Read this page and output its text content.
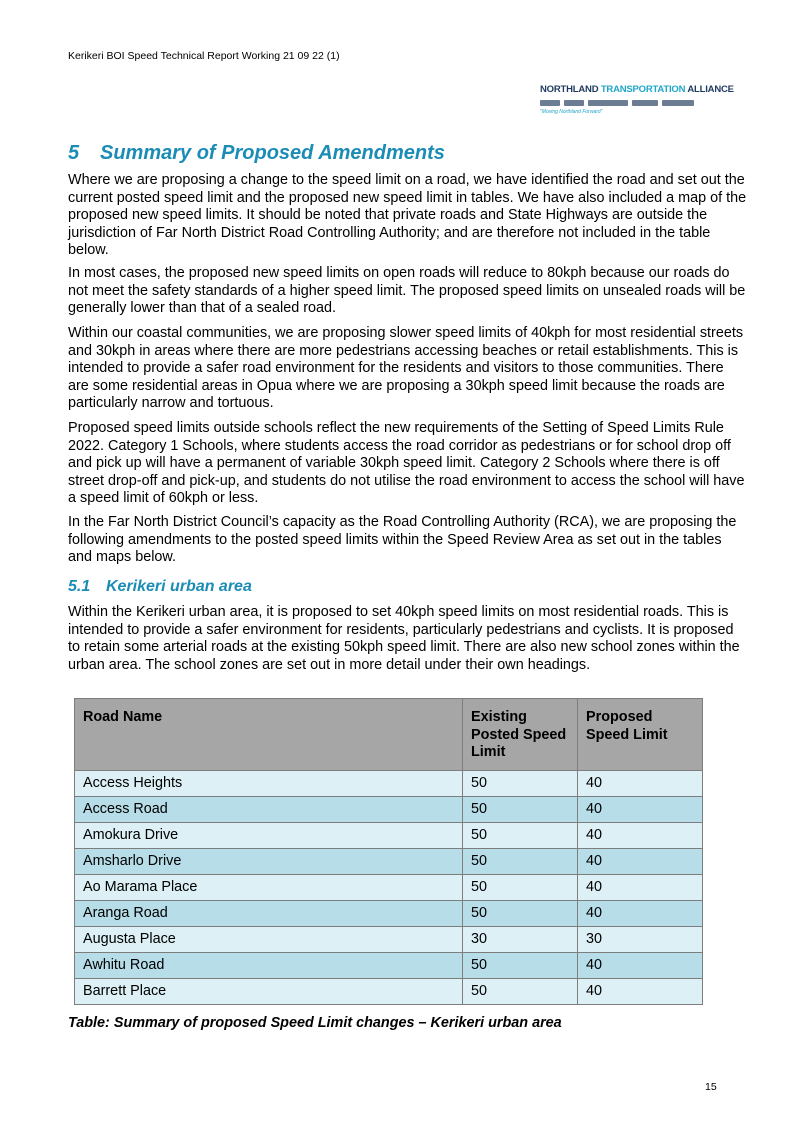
Kerikeri BOI Speed Technical Report Working 21 09 22 (1)
NORTHLAND TRANSPORTATION ALLIANCE
"Moving Northland Forward"
5 Summary of Proposed Amendments

Where we are proposing a change to the speed limit on a road, we have identified the road and set out the current posted speed limit and the proposed new speed limit in tables. We have also included a map of the proposed new speed limits. It should be noted that private roads and State Highways are outside the jurisdiction of Far North District Road Controlling Authority; and are therefore not included in the table below.

In most cases, the proposed new speed limits on open roads will reduce to 80kph because our roads do not meet the safety standards of a higher speed limit. The proposed speed limits on unsealed roads will be generally lower than that of a sealed road.

Within our coastal communities, we are proposing slower speed limits of 40kph for most residential streets and 30kph in areas where there are more pedestrians accessing beaches or retail establishments. This is intended to provide a safer road environment for the residents and visitors to those communities. There are some residential areas in Opua where we are proposing a 30kph speed limit because the roads are particularly narrow and tortuous.

Proposed speed limits outside schools reflect the new requirements of the Setting of Speed Limits Rule 2022. Category 1 Schools, where students access the road corridor as pedestrians or for school drop off and pick up will have a permanent of variable 30kph speed limit. Category 2 Schools where there is off street drop-off and pick-up, and students do not utilise the road environment to access the school will have a speed limit of 60kph or less.

In the Far North District Council’s capacity as the Road Controlling Authority (RCA), we are proposing the following amendments to the posted speed limits within the Speed Review Area as set out in the tables and maps below.

5.1 Kerikeri urban area

Within the Kerikeri urban area, it is proposed to set 40kph speed limits on most residential roads. This is intended to provide a safer environment for residents, particularly pedestrians and cyclists. It is proposed to retain some arterial roads at the existing 50kph speed limit. There are also new school zones within the urban area. The school zones are set out in more detail under their own headings.

Road Name	Existing Posted Speed Limit	Proposed Speed Limit
Access Heights	50	40
Access Road	50	40
Amokura Drive	50	40
Amsharlo Drive	50	40
Ao Marama Place	50	40
Aranga Road	50	40
Augusta Place	30	30
Awhitu Road	50	40
Barrett Place	50	40

Table: Summary of proposed Speed Limit changes – Kerikeri urban area

15
